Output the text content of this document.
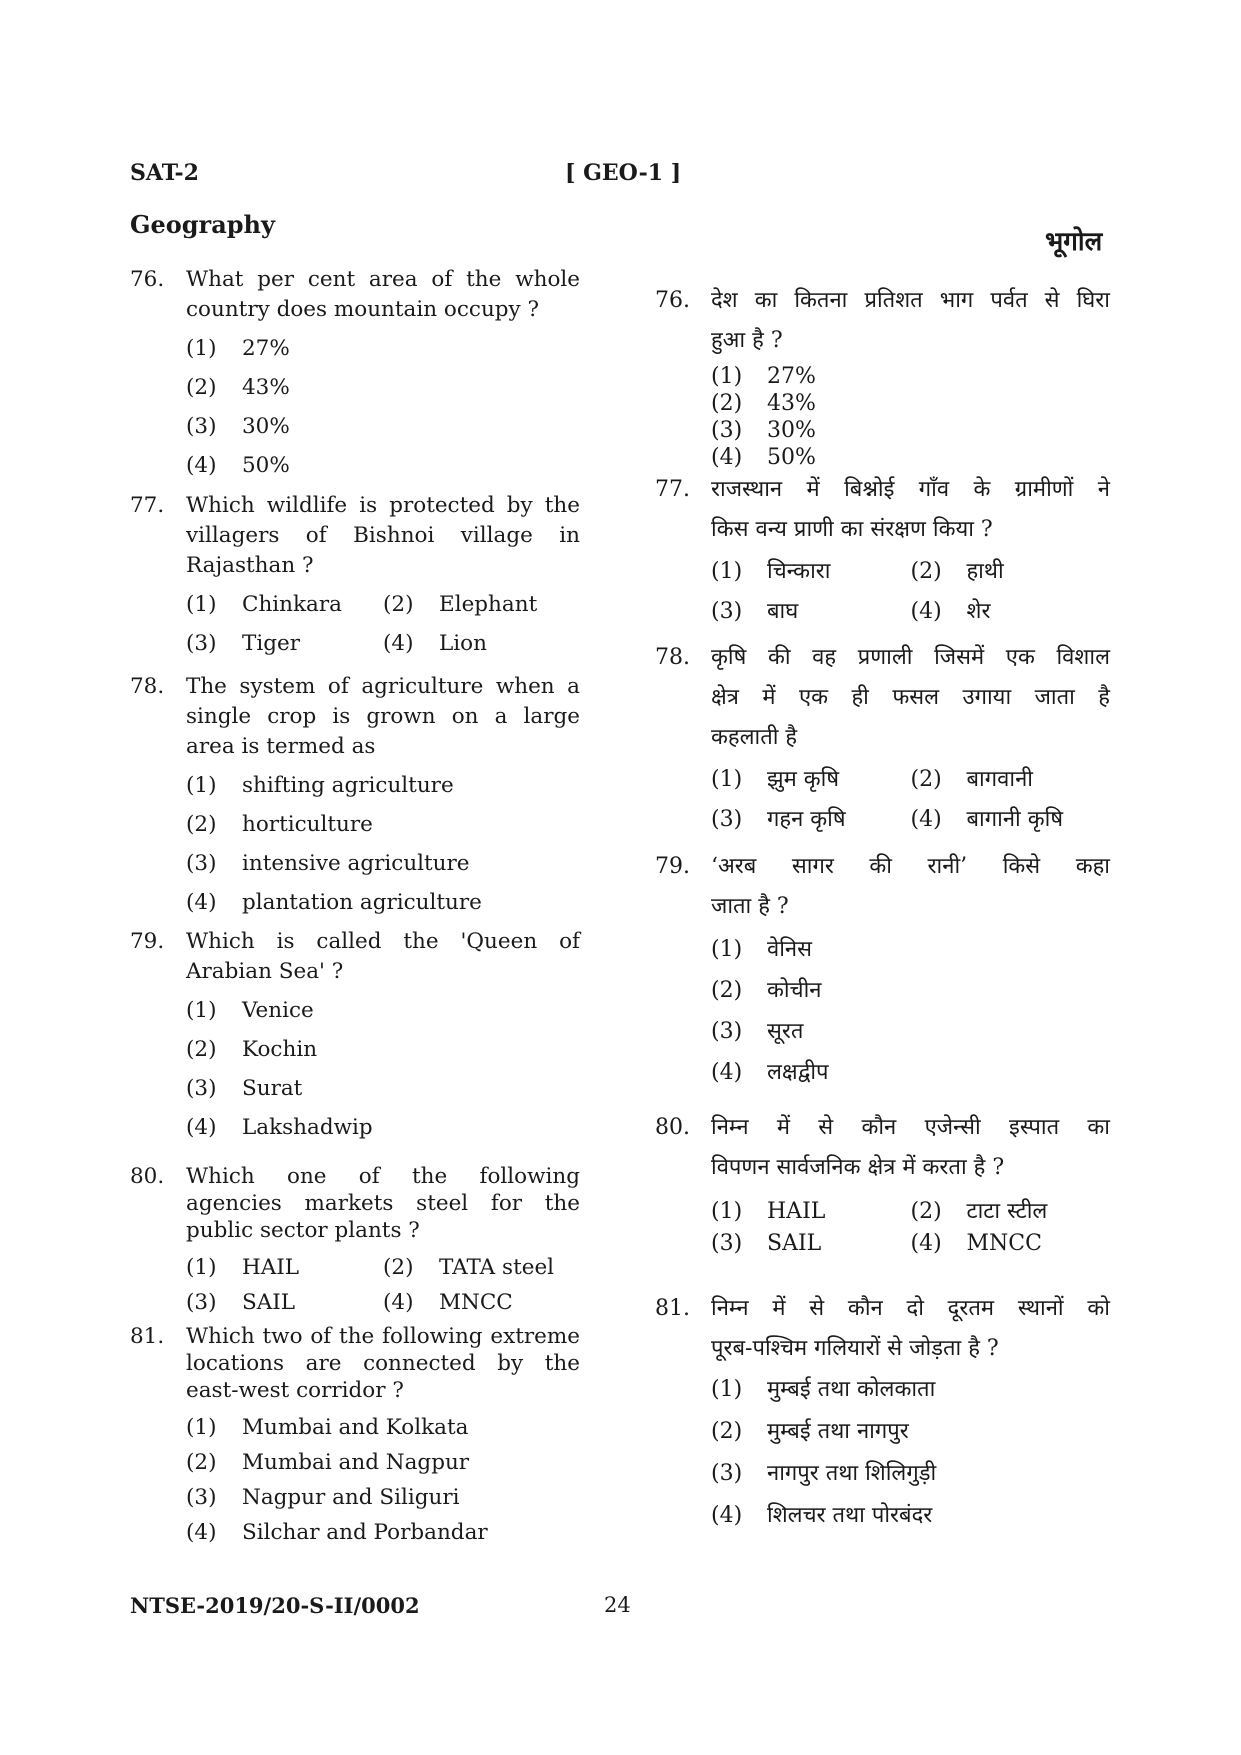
SAT-2	[ GEO-1 ]
Geography
भूगोल
76.	What per cent area of the whole
country does mountain occupy ?
(1)	27%
(2)	43%
(3)	30%
(4)	50%
77.	Which wildlife is protected by the
villagers of Bishnoi village in
Rajasthan ?
(1)	Chinkara (2)	Elephant
(3)	Tiger	(4)	Lion
78.	The system of agriculture when a
single crop is grown on a large
area is termed as
(1)	shifting agriculture
(2)	horticulture
(3)	intensive agriculture
(4)	plantation agriculture
79.	Which is called the 'Queen of
Arabian Sea' ?
(1)	Venice
(2)	Kochin
(3)	Surat
(4)	Lakshadwip
80.	Which one of the following
agencies markets steel for the
public sector plants ?
(1)	HAIL	(2)	TATA steel
(3)	SAIL	(4)	MNCC
81.	Which two of the following extreme
locations are connected by the
east-west corridor ?
(1)	Mumbai and Kolkata
(2)	Mumbai and Nagpur
(3)	Nagpur and Siliguri
(4)	Silchar and Porbandar
76. देश का कितना प्रतिशत भाग पर्वत से घिरा
हुआ है ?
(1)	27%
(2)	43%
(3)	30%
(4)	50%
77. राजस्थान में बिश्नोई गाँव के ग्रामीणों ने
किस वन्य प्राणी का संरक्षण किया ?
(1)	चिन्कारा	(2)	हाथी
(3)	बाघ	(4)	शेर
78. कृषि की वह प्रणाली जिसमें एक विशाल
क्षेत्र में एक ही फसल उगाया जाता है
कहलाती है
(1)	झुम कृषि	(2)	बागवानी
(3)	गहन कृषि	(4)	बागानी कृषि
79. ‘अरब सागर की रानी’ किसे कहा
जाता है ?
(1)	वेनिस
(2)	कोचीन
(3)	सूरत
(4)	लक्षद्वीप
80. निम्न में से कौन एजेन्सी इस्पात का
विपणन सार्वजनिक क्षेत्र में करता है ?
(1)	HAIL	(2)	टाटा स्टील
(3)	SAIL	(4)	MNCC
81. निम्न में से कौन दो दूरतम स्थानों को
पूरब-पश्चिम गलियारों से जोड़ता है ?
(1)	मुम्बई तथा कोलकाता
(2)	मुम्बई तथा नागपुर
(3)	नागपुर तथा शिलिगुड़ी
(4)	शिलचर तथा पोरबंदर
NTSE-2019/20-S-II/0002	24
